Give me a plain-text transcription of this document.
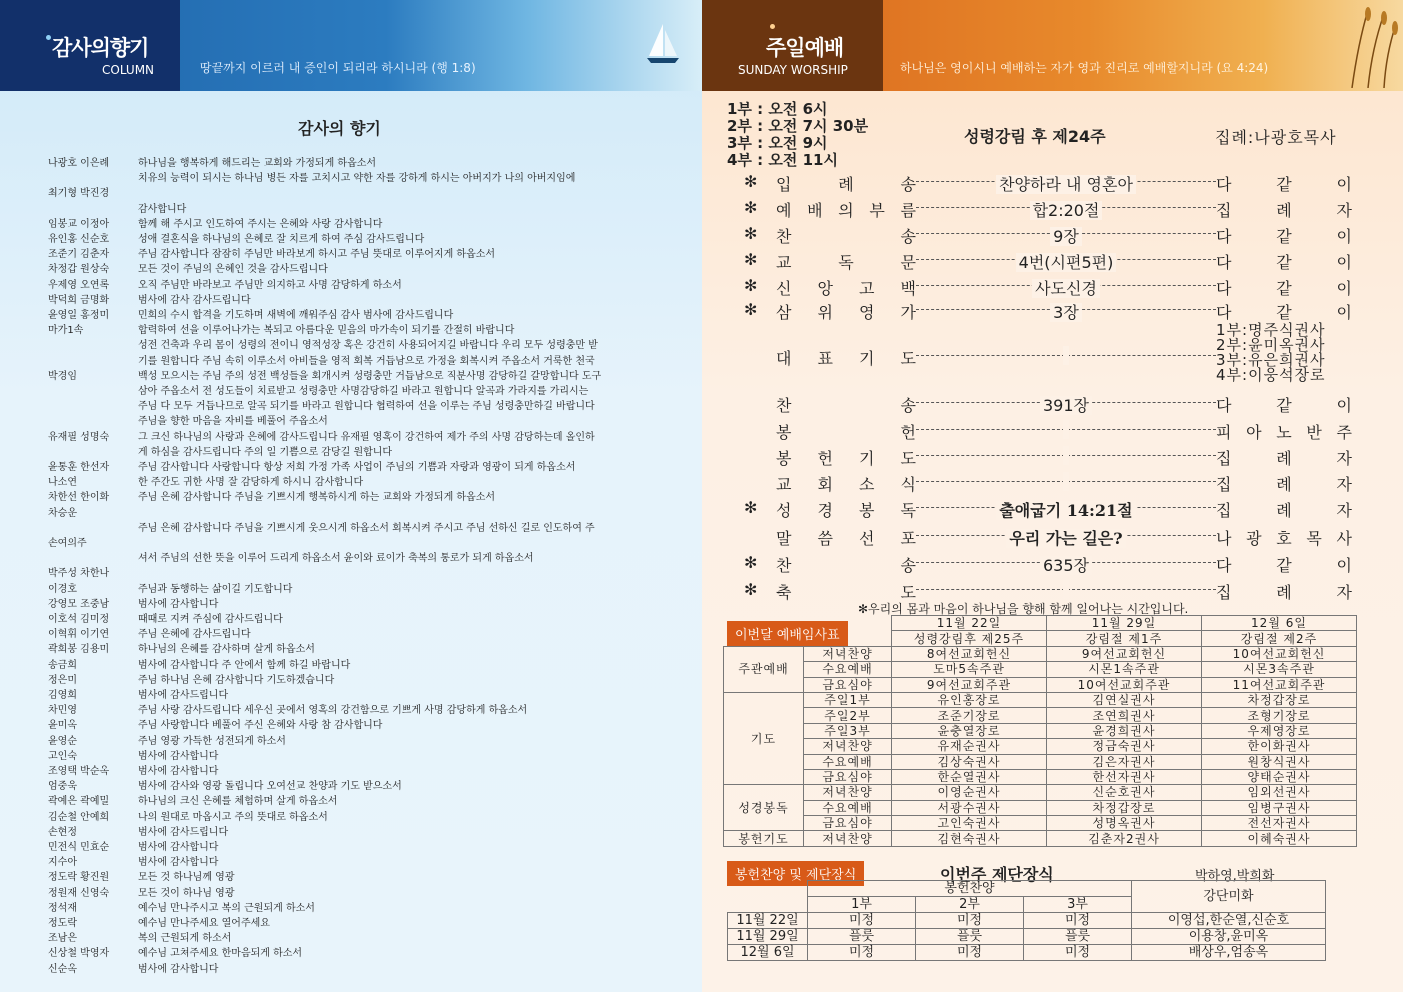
감사의향기
COLUMN	땅끝까지 이르러 내 증인이 되리라 하시니라 (행 1:8)
주일예배
SUNDAY WORSHIP	하나님은 영이시니 예배하는 자가 영과 진리로 예배할지니라 (요 4:24)
감사의 향기
나광호 이은례	하나님을 행복하게 해드리는 교회와 가정되게 하옵소서
치유의 능력이 되시는 하나님 병든 자를 고치시고 약한 자를 강하게 하시는 아버지가 나의 아버지임에
최기형 박진경
감사합니다
임봉교 이정아	함께 해 주시고 인도하여 주시는 은혜와 사랑 감사합니다
유인홍 신순호	성애 결혼식을 하나님의 은혜로 잘 치르게 하여 주심 감사드립니다
조준기 김춘자	주님 감사합니다 잠잠히 주님만 바라보게 하시고 주님 뜻대로 이루어지게 하옵소서
차정갑 원상숙	모든 것이 주님의 은혜인 것을 감사드립니다
우제영 오연록	오직 주님만 바라보고 주님만 의지하고 사명 감당하게 하소서
박덕희 금명화	범사에 감사 감사드립니다
윤영일 홍정미	민희의 수시 합격을 기도하며 새벽에 깨워주심 감사 범사에 감사드립니다
마가1속	합력하여 선을 이루어나가는 복되고 아름다운 믿음의 마가속이 되기를 간절히 바랍니다
성전 건축과 우리 몸이 성령의 전이니 영적성장 혹은 강건히 사용되어지길 바랍니다 우리 모두 성령충만 받
기를 원합니다 주님 속히 이루소서 아비들을 영적 회복 거듭남으로 가정을 회복시켜 주옵소서 거룩한 천국
박경임	백성 모으시는 주님 주의 성전 백성들을 회개시켜 성령충만 거듭남으로 직분사명 감당하길 갈망합니다 도구
삼아 주옵소서 전 성도들이 치료받고 성령충만 사명감당하길 바라고 원합니다 알곡과 가라지를 가리시는
주님 다 모두 거듭나므로 알곡 되기를 바라고 원합니다 협력하여 선을 이루는 주님 성령충만하길 바랍니다
주님을 향한 마음을 자비를 베풀어 주옵소서
유재필 성명숙	그 크신 하나님의 사랑과 은혜에 감사드립니다 유재필 영혹이 강건하여 제가 주의 사명 감당하는데 올인하
게 하심을 감사드립니다 주의 일 기쁨으로 감당길 원합니다
윤통훈 한선자	주님 감사합니다 사랑합니다 항상 저희 가정 가족 사업이 주님의 기쁨과 자랑과 영광이 되게 하옵소서
나소연	한 주간도 귀한 사명 잘 감당하게 하시니 감사합니다
차한선 한이화	주님 은혜 감사합니다 주님을 기쁘시게 행복하시게 하는 교회와 가정되게 하옵소서
차승운
주님 은혜 감사합니다 주님을 기쁘시게 웃으시게 하옵소서 회복시켜 주시고 주님 선하신 길로 인도하여 주
손여의주
셔서 주님의 선한 뜻을 이루어 드리게 하옵소서 윤이와 료이가 축복의 통로가 되게 하옵소서
박주성 차한나
이경호	주님과 동행하는 삶이길 기도합니다
강영모 조중남	범사에 감사합니다
이호석 김미정	때때로 지켜 주심에 감사드립니다
이혁휘 이기연	주님 은혜에 감사드립니다
곽희봉 김용미	하나님의 은혜를 감사하며 살게 하옵소서
송금희	범사에 감사합니다 주 안에서 함께 하길 바랍니다
정은미	주님 하나님 은혜 감사합니다 기도하겠습니다
김영희	범사에 감사드립니다
차민영	주님 사랑 감사드립니다 세우신 곳에서 영혹의 강건함으로 기쁘게 사명 감당하게 하옵소서
윤미옥	주님 사랑합니다 베풀어 주신 은혜와 사랑 참 감사합니다
윤영순	주님 영광 가득한 성전되게 하소서
고인숙	범사에 감사합니다
조영택 박순옥	범사에 감사합니다
엄중욱	범사에 감사와 영광 돌립니다 오여선교 찬양과 기도 받으소서
곽예은 곽예밀	하나님의 크신 은혜를 체험하며 살게 하옵소서
김순철 안예희	나의 원대로 마옵시고 주의 뜻대로 하옵소서
손현정	범사에 감사드립니다
민전식 민효순	범사에 감사합니다
지수아	범사에 감사합니다
정도락 황진원	모든 것 하나님께 영광
정원재 신영숙	모든 것이 하나님 영광
정석재	예수님 만나주시고 복의 근원되게 하소서
정도락	예수님 만나주세요 열어주세요
조남은	복의 근원되게 하소서
신상철 박영자	예수님 고쳐주세요 한마음되게 하소서
신순옥	범사에 감사합니다
1부 : 오전 6시
2부 : 오전 7시 30분
3부 : 오전 9시
4부 : 오전 11시
성령강림 후 제24주	집례:나광호목사
✻ 입	례	송	찬양하라 내 영혼아	다	같	이
✻ 예 배 의 부 름	합2:20절	집	례	자
✻ 찬	송	9장	다	같	이
✻ 교	독	문	4번(시편5편)	다	같	이
✻ 신 앙 고 백	사도신경	다	같	이
✻ 삼 위 영 가	3장	다	같	이
대 표 기 도
찬	송	391장	다	같	이
봉	헌	피 아 노 반 주
봉 헌 기 도	집	례	자
교 회 소 식	집	례	자
✻ 성 경 봉 독	출애굽기 14:21절	집	례	자
말 씀 선 포	우리 가는 길은?	나 광 호 목 사
✻ 찬	송	635장	다	같	이
✻ 축	도	집	례	자
1부:명주식권사
2부:윤미옥권사
3부:유은희권사
4부:이웅석장로
✻우리의 몸과 마음이 하나님을 향해 함께 일어나는 시간입니다.
		11월 22일	11월 29일	12월 6일
		성령강림후 제25주	강림절 제1주	강림절 제2주
주관예배	저녁찬양	8여선교회헌신	9여선교회헌신	10여선교회헌신
	수요예배	도마5속주관	시몬1속주관	시몬3속주관
	금요심야	9여선교회주관	10여선교회주관	11여선교회주관
기도	주일1부	유인홍장로	김연실권사	차정갑장로
	주일2부	조준기장로	조연희권사	조형기장로
	주일3부	윤충열장로	윤경희권사	우제영장로
	저녁찬양	유재순권사	정금숙권사	한이화권사
	수요예배	김상숙권사	김은자권사	원창식권사
	금요심야	한순열권사	한선자권사	양태순권사
성경봉독	저녁찬양	이영순권사	신순호권사	임외선권사
	수요예배	서광수권사	차정갑장로	임병구권사
	금요심야	고인숙권사	성명옥권사	전선자권사
봉헌기도	저녁찬양	김현숙권사	김춘자2권사	이혜숙권사
이번달 예배임사표
봉헌찬양 및 제단장식	이번주 제단장식	박하영,박희화
	봉헌찬양			강단미화
	1부	2부	3부	
11월 22일	미정	미정	미정	이영섭,한순열,신순호
11월 29일	플룻	플룻	플룻	이용창,윤미옥
12월 6일	미정	미정	미정	배상우,엄송옥
